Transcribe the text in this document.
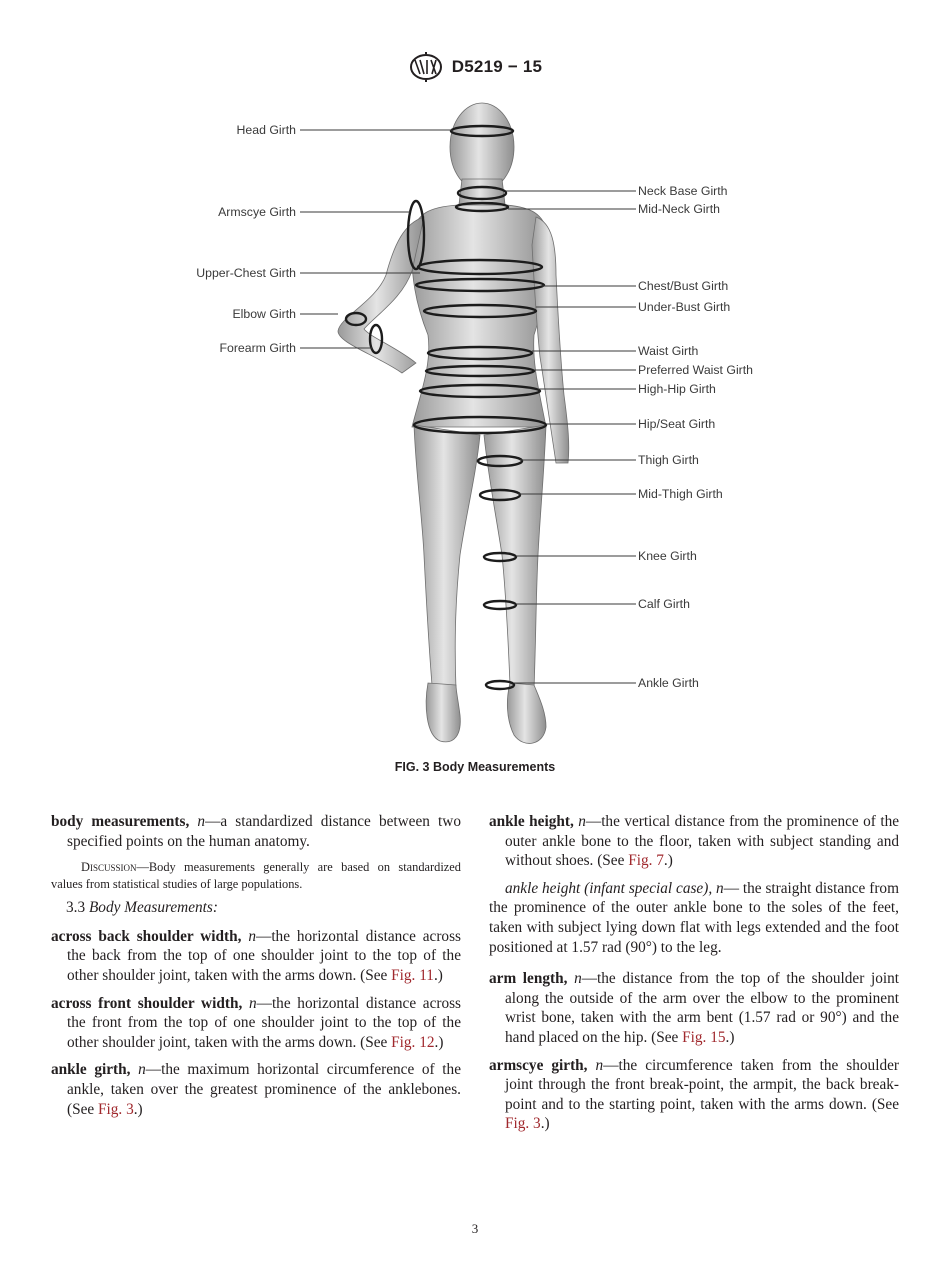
D5219 − 15
Head Girth
Armscye Girth
Upper-Chest Girth
Elbow Girth
Forearm Girth
Neck Base Girth
Mid-Neck Girth
Chest/Bust Girth
Under-Bust Girth
Waist Girth
Preferred Waist Girth
High-Hip Girth
Hip/Seat Girth
Thigh Girth
Mid-Thigh Girth
Knee Girth
Calf Girth
Ankle Girth
FIG. 3 Body Measurements

body measurements, n—a standardized distance between two specified points on the human anatomy.

Discussion—Body measurements generally are based on standardized values from statistical studies of large populations.

3.3 Body Measurements:

across back shoulder width, n—the horizontal distance across the back from the top of one shoulder joint to the top of the other shoulder joint, taken with the arms down. (See Fig. 11.)

across front shoulder width, n—the horizontal distance across the front from the top of one shoulder joint to the top of the other shoulder joint, taken with the arms down. (See Fig. 12.)

ankle girth, n—the maximum horizontal circumference of the ankle, taken over the greatest prominence of the anklebones. (See Fig. 3.)

ankle height, n—the vertical distance from the prominence of the outer ankle bone to the floor, taken with subject standing and without shoes. (See Fig. 7.)

ankle height (infant special case), n— the straight distance from the prominence of the outer ankle bone to the soles of the feet, taken with subject lying down flat with legs extended and the foot positioned at 1.57 rad (90°) to the leg.

arm length, n—the distance from the top of the shoulder joint along the outside of the arm over the elbow to the prominent wrist bone, taken with the arm bent (1.57 rad or 90°) and the hand placed on the hip. (See Fig. 15.)

armscye girth, n—the circumference taken from the shoulder joint through the front break-point, the armpit, the back break-point and to the starting point, taken with the arms down. (See Fig. 3.)

3
